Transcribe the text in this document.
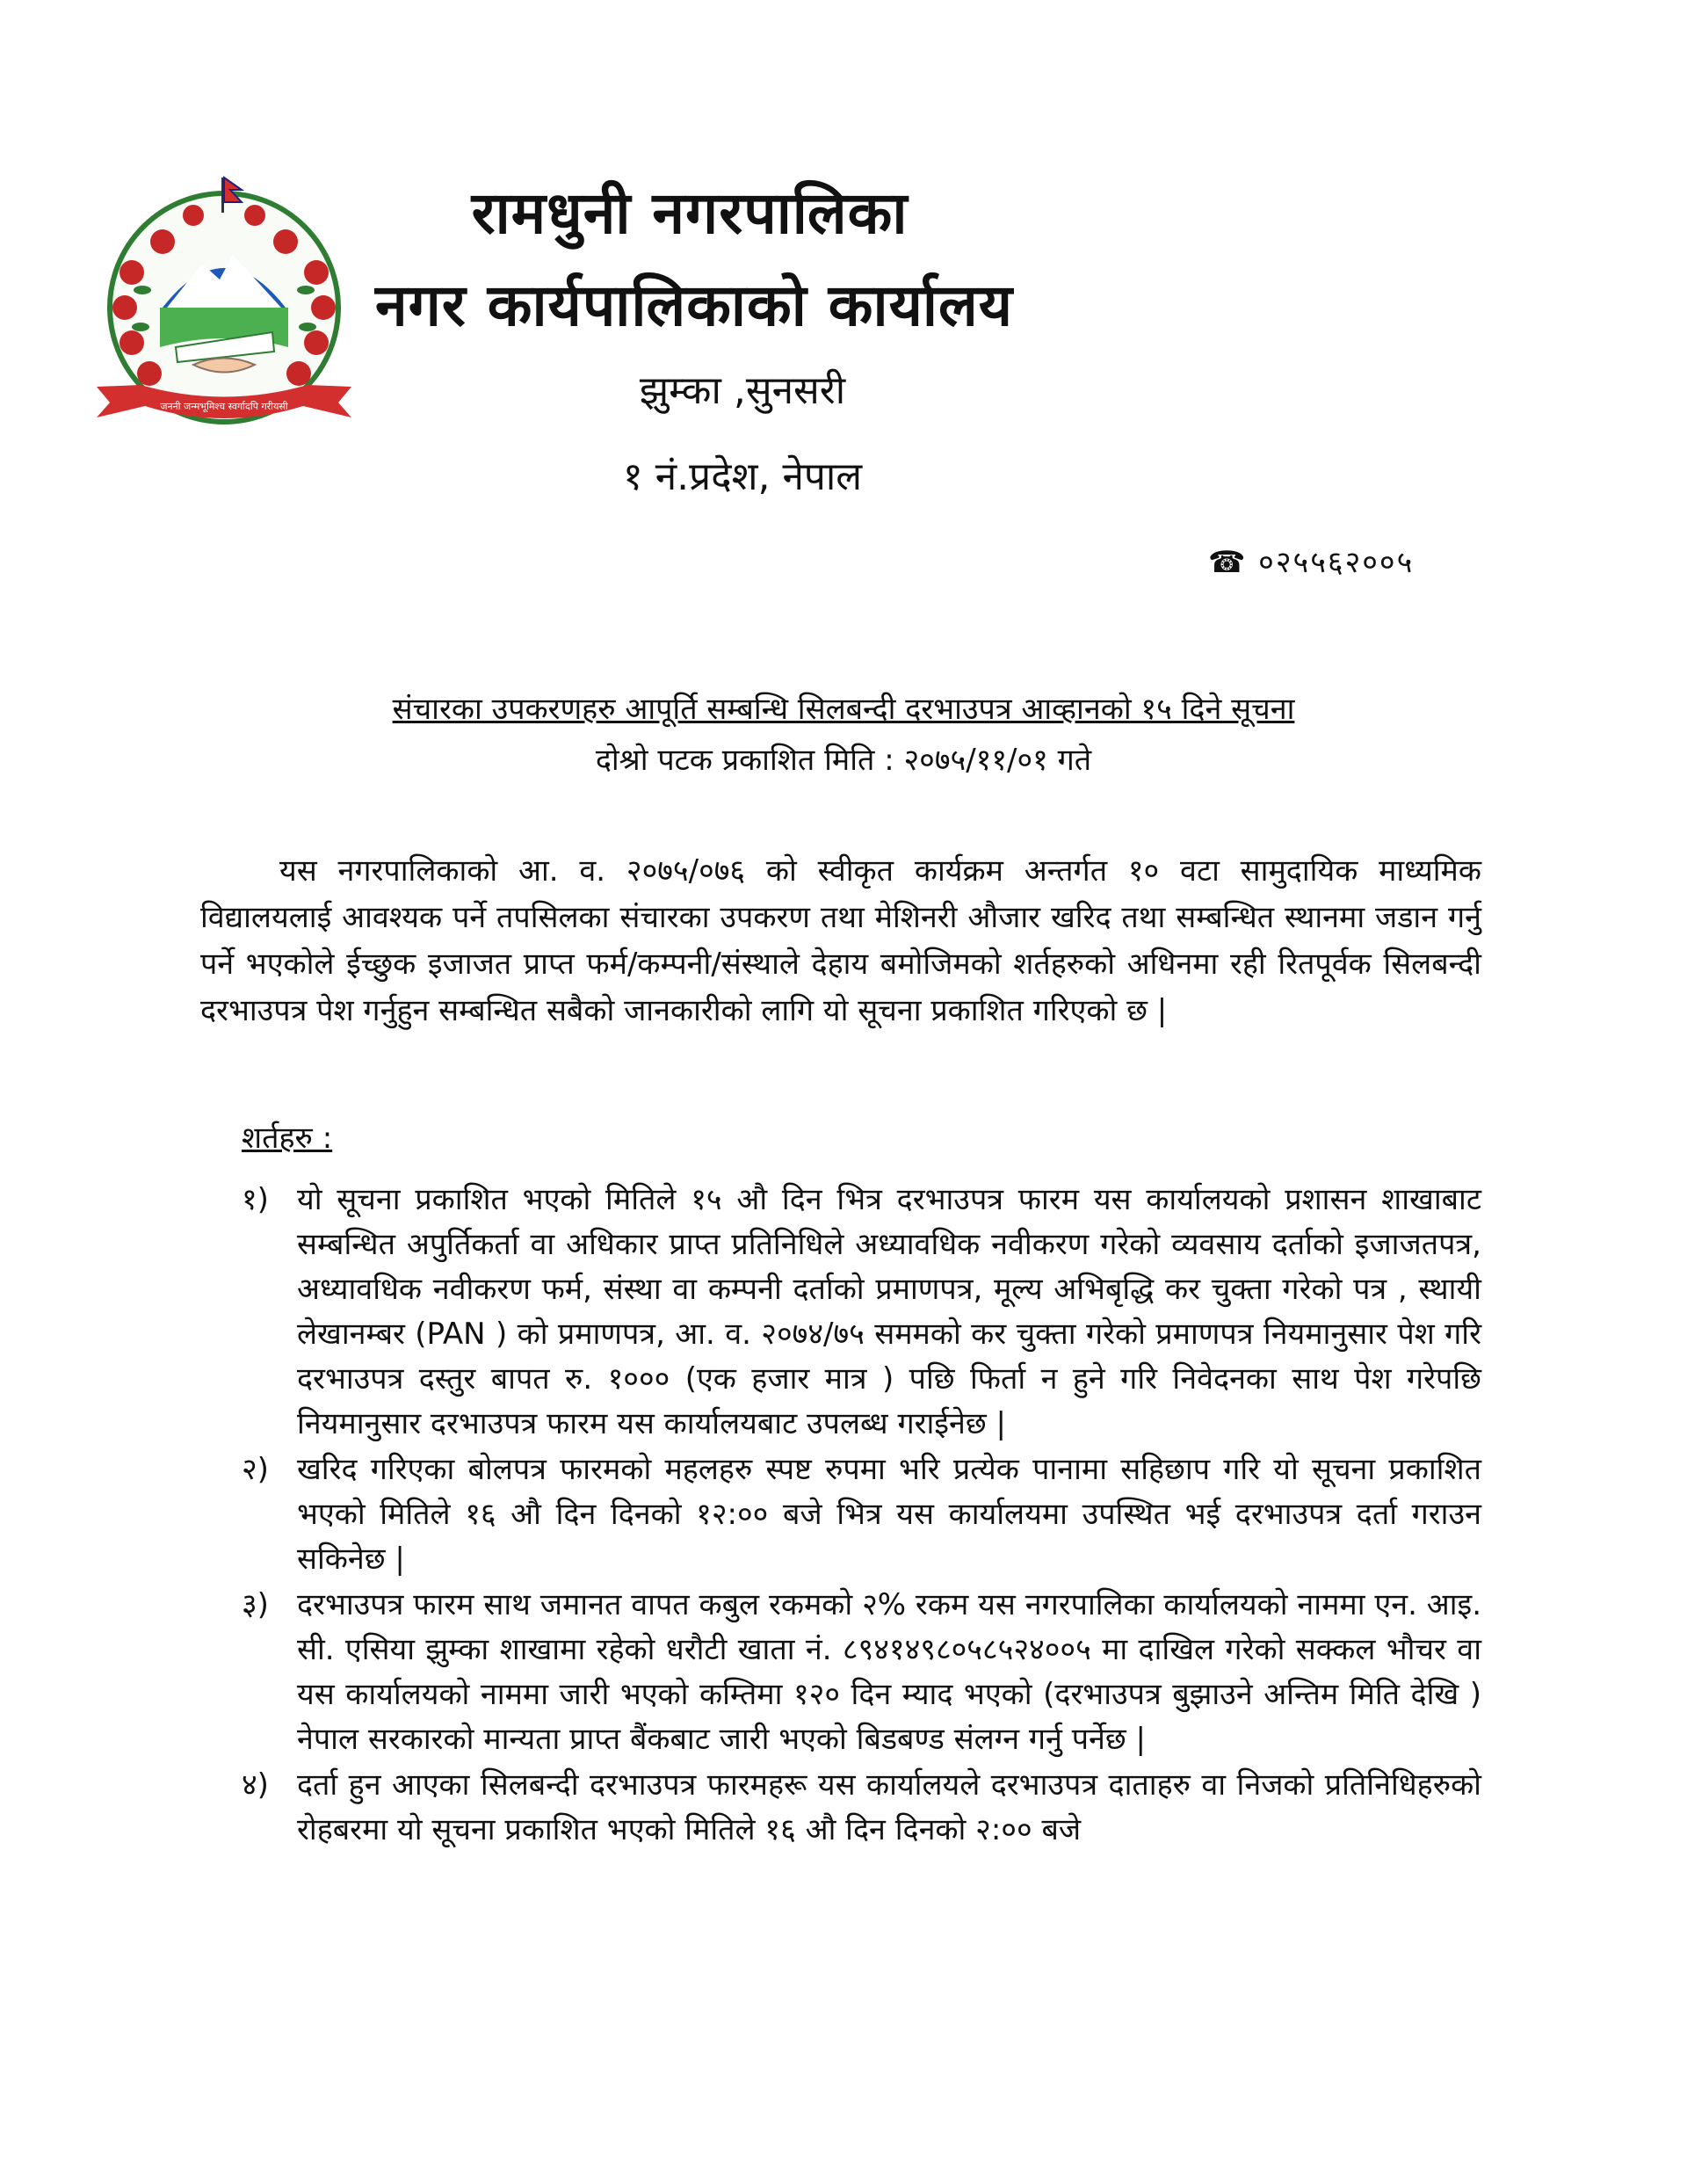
जननी जन्मभूमिश्च स्वर्गादपि गरीयसी
रामधुनी नगरपालिका
नगर कार्यपालिकाको कार्यालय
झुम्का ,सुनसरी
१ नं.प्रदेश, नेपाल
☎ ०२५५६२००५
संचारका उपकरणहरु आपूर्ति सम्बन्धि सिलबन्दी दरभाउपत्र आव्हानको १५ दिने सूचना
दोश्रो पटक प्रकाशित मिति : २०७५/११/०१ गते

यस नगरपालिकाको आ. व. २०७५/०७६ को स्वीकृत कार्यक्रम अन्तर्गत १० वटा सामुदायिक माध्यमिक विद्यालयलाई आवश्यक पर्ने तपसिलका संचारका उपकरण तथा मेशिनरी औजार खरिद तथा सम्बन्धित स्थानमा जडान गर्नु पर्ने भएकोले ईच्छुक इजाजत प्राप्त फर्म/कम्पनी/संस्थाले देहाय बमोजिमको शर्तहरुको अधिनमा रही रितपूर्वक सिलबन्दी दरभाउपत्र पेश गर्नुहुन सम्बन्धित सबैको जानकारीको लागि यो सूचना प्रकाशित गरिएको छ |

शर्तहरु :
१) यो सूचना प्रकाशित भएको मितिले १५ औ दिन भित्र दरभाउपत्र फारम यस कार्यालयको प्रशासन शाखाबाट सम्बन्धित अपुर्तिकर्ता वा अधिकार प्राप्त प्रतिनिधिले अध्यावधिक नवीकरण गरेको व्यवसाय दर्ताको इजाजतपत्र, अध्यावधिक नवीकरण फर्म, संस्था वा कम्पनी दर्ताको प्रमाणपत्र, मूल्य अभिबृद्धि कर चुक्ता गरेको पत्र , स्थायी लेखानम्बर (PAN ) को प्रमाणपत्र, आ. व. २०७४/७५ सममको कर चुक्ता गरेको प्रमाणपत्र नियमानुसार पेश गरि दरभाउपत्र दस्तुर बापत रु. १००० (एक हजार मात्र ) पछि फिर्ता न हुने गरि निवेदनका साथ पेश गरेपछि नियमानुसार दरभाउपत्र फारम यस कार्यालयबाट उपलब्ध गराईनेछ |
२) खरिद गरिएका बोलपत्र फारमको महलहरु स्पष्ट रुपमा भरि प्रत्येक पानामा सहिछाप गरि यो सूचना प्रकाशित भएको मितिले १६ औ दिन दिनको १२:०० बजे भित्र यस कार्यालयमा उपस्थित भई दरभाउपत्र दर्ता गराउन सकिनेछ |
३) दरभाउपत्र फारम साथ जमानत वापत कबुल रकमको २% रकम यस नगरपालिका कार्यालयको नाममा एन. आइ. सी. एसिया झुम्का शाखामा रहेको धरौटी खाता नं. ८९४१४९८०५८५२४००५ मा दाखिल गरेको सक्कल भौचर वा यस कार्यालयको नाममा जारी भएको कम्तिमा १२० दिन म्याद भएको (दरभाउपत्र बुझाउने अन्तिम मिति देखि ) नेपाल सरकारको मान्यता प्राप्त बैंकबाट जारी भएको बिडबण्ड संलग्न गर्नु पर्नेछ |
४) दर्ता हुन आएका सिलबन्दी दरभाउपत्र फारमहरू यस कार्यालयले दरभाउपत्र दाताहरु वा निजको प्रतिनिधिहरुको रोहबरमा यो सूचना प्रकाशित भएको मितिले १६ औ दिन दिनको २:०० बजे
